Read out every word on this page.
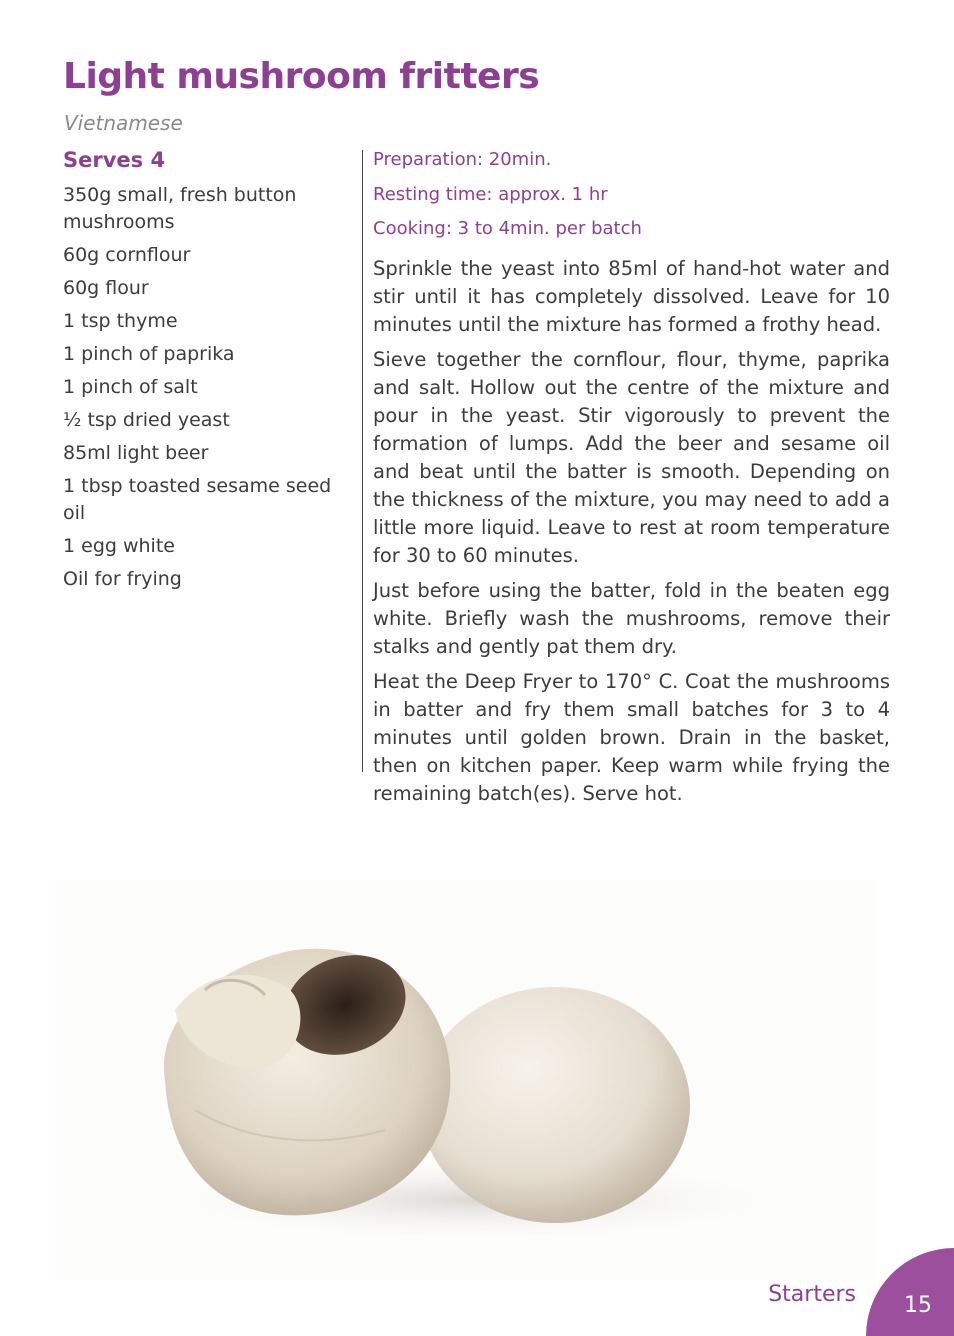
Light mushroom fritters
Vietnamese
Serves 4
350g small, fresh button mushrooms
60g cornflour
60g flour
1 tsp thyme
1 pinch of paprika
1 pinch of salt
½ tsp dried yeast
85ml light beer
1 tbsp toasted sesame seed oil
1 egg white
Oil for frying
Preparation: 20min.
Resting time: approx. 1 hr
Cooking: 3 to 4min. per batch

Sprinkle the yeast into 85ml of hand-hot water and stir until it has completely dissolved. Leave for 10 minutes until the mixture has formed a frothy head.

Sieve together the cornflour, flour, thyme, paprika and salt. Hollow out the centre of the mixture and pour in the yeast. Stir vigorously to prevent the formation of lumps. Add the beer and sesame oil and beat until the batter is smooth. Depending on the thickness of the mixture, you may need to add a little more liquid. Leave to rest at room temperature for 30 to 60 minutes.

Just before using the batter, fold in the beaten egg white. Briefly wash the mushrooms, remove their stalks and gently pat them dry.

Heat the Deep Fryer to 170° C. Coat the mushrooms in batter and fry them small batches for 3 to 4 minutes until golden brown. Drain in the basket, then on kitchen paper. Keep warm while frying the remaining batch(es). Serve hot.

Starters 15
